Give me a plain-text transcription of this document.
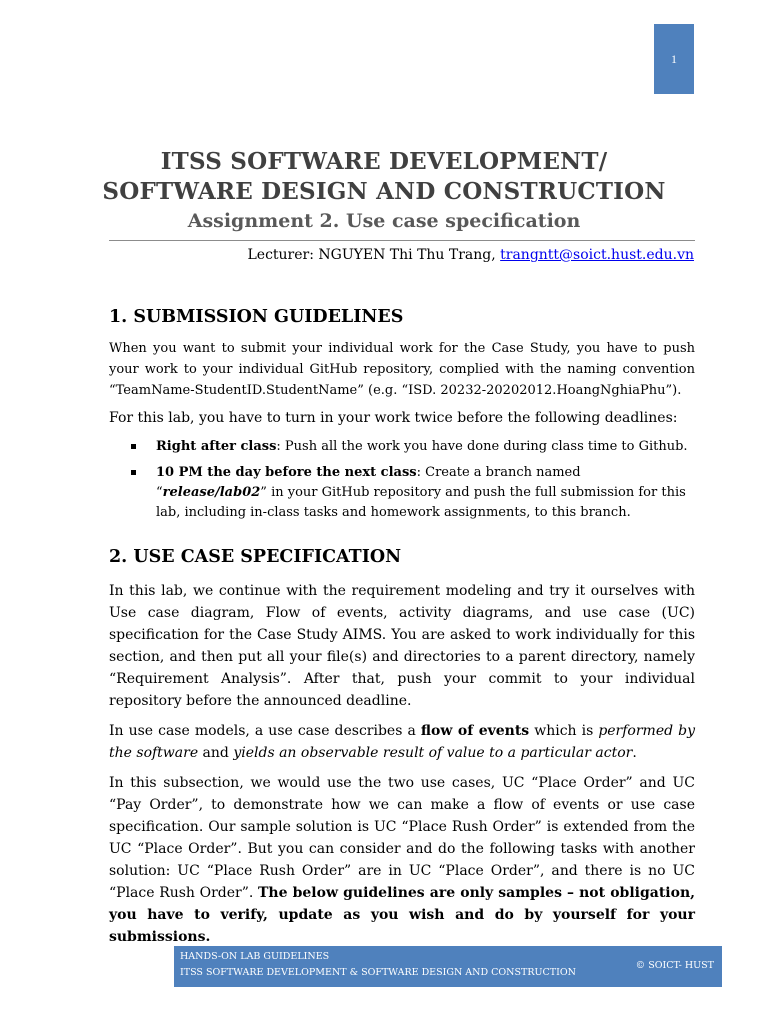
1
ITSS SOFTWARE DEVELOPMENT/
SOFTWARE DESIGN AND CONSTRUCTION
Assignment 2. Use case specification
Lecturer: NGUYEN Thi Thu Trang, trangntt@soict.hust.edu.vn
1. SUBMISSION GUIDELINES

When you want to submit your individual work for the Case Study, you have to push your work to your individual GitHub repository, complied with the naming convention “TeamName-StudentID.StudentName” (e.g. “ISD. 20232-20202012.HoangNghiaPhu”).

For this lab, you have to turn in your work twice before the following deadlines:

Right after class: Push all the work you have done during class time to Github.
10 PM the day before the next class: Create a branch named “release/lab02” in your GitHub repository and push the full submission for this lab, including in-class tasks and homework assignments, to this branch.
2. USE CASE SPECIFICATION

In this lab, we continue with the requirement modeling and try it ourselves with Use case diagram, Flow of events, activity diagrams, and use case (UC) specification for the Case Study AIMS. You are asked to work individually for this section, and then put all your file(s) and directories to a parent directory, namely “Requirement Analysis”. After that, push your commit to your individual repository before the announced deadline.

In use case models, a use case describes a flow of events which is performed by the software and yields an observable result of value to a particular actor.

In this subsection, we would use the two use cases, UC “Place Order” and UC “Pay Order”, to demonstrate how we can make a flow of events or use case specification. Our sample solution is UC “Place Rush Order” is extended from the UC “Place Order”. But you can consider and do the following tasks with another solution: UC “Place Rush Order” are in UC “Place Order”, and there is no UC “Place Rush Order”. The below guidelines are only samples – not obligation, you have to verify, update as you wish and do by yourself for your submissions.

HANDS-ON LAB GUIDELINES
ITSS SOFTWARE DEVELOPMENT & SOFTWARE DESIGN AND CONSTRUCTION
© SOICT- HUST
